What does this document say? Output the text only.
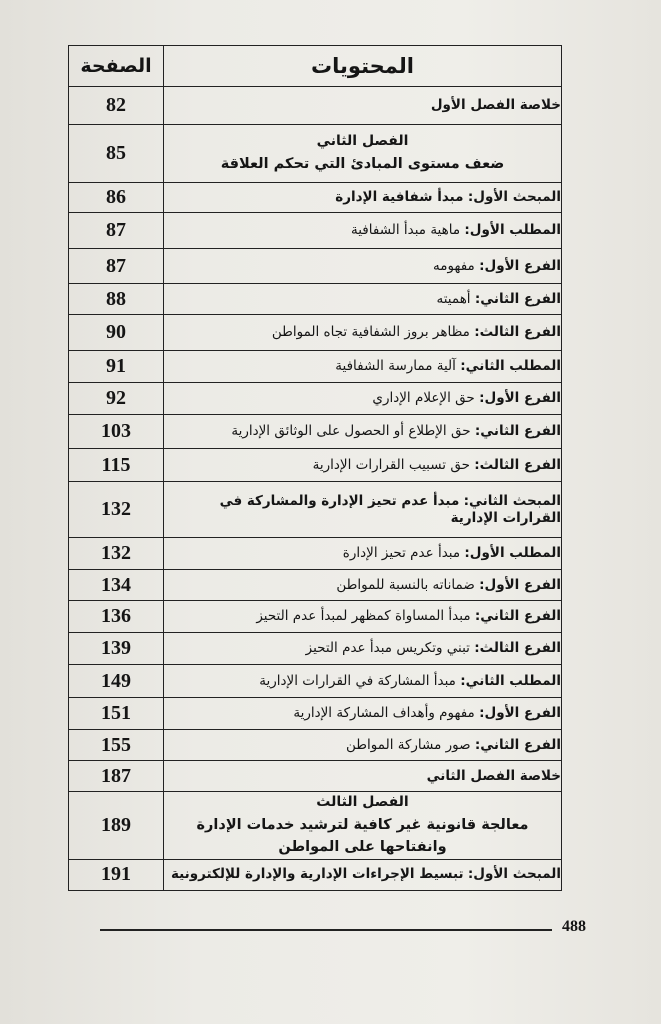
الصفحة	المحتويات
82	خلاصة الفصل الأول
85	الفصل الثاني
ضعف مستوى المبادئ التي تحكم العلاقة

86	المبحث الأول: مبدأ شفافية الإدارة
87	المطلب الأول: ماهية مبدأ الشفافية
87	الفرع الأول: مفهومه
88	الفرع الثاني: أهميته
90	الفرع الثالث: مظاهر بروز الشفافية تجاه المواطن
91	المطلب الثاني: آلية ممارسة الشفافية
92	الفرع الأول: حق الإعلام الإداري
103	الفرع الثاني: حق الإطلاع أو الحصول على الوثائق الإدارية
115	الفرع الثالث: حق تسبيب القرارات الإدارية
132	المبحث الثاني: مبدأ عدم تحيز الإدارة والمشاركة في القرارات الإدارية
132	المطلب الأول: مبدأ عدم تحيز الإدارة
134	الفرع الأول: ضماناته بالنسبة للمواطن
136	الفرع الثاني: مبدأ المساواة كمظهر لمبدأ عدم التحيز
139	الفرع الثالث: تبني وتكريس مبدأ عدم التحيز
149	المطلب الثاني: مبدأ المشاركة في القرارات الإدارية
151	الفرع الأول: مفهوم وأهداف المشاركة الإدارية
155	الفرع الثاني: صور مشاركة المواطن
187	خلاصة الفصل الثاني
189	الفصل الثالث
معالجة قانونية غير كافية لترشيد خدمات الإدارة
وانفتاحها على المواطن

191	المبحث الأول: تبسيط الإجراءات الإدارية والإدارة للإلكترونية
488
